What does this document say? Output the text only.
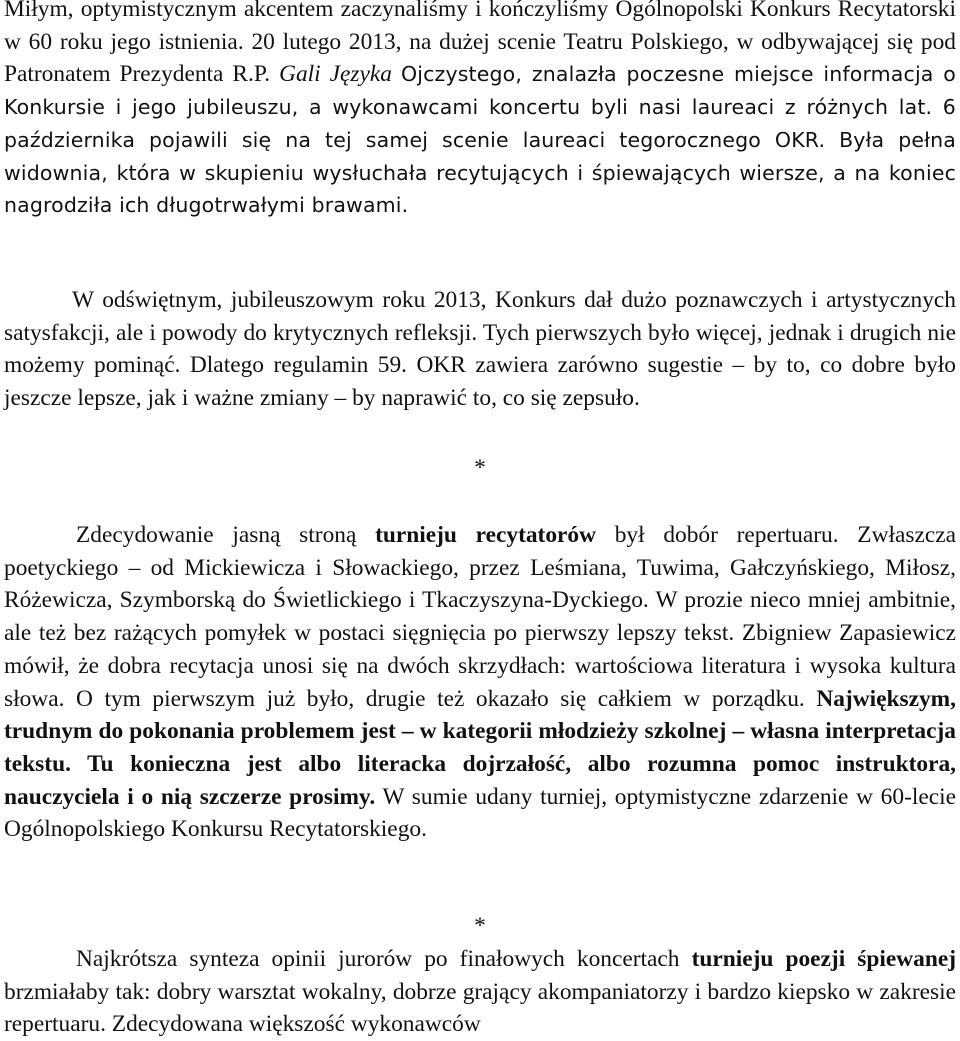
Miłym, optymistycznym akcentem zaczynaliśmy i kończyliśmy Ogólnopolski Konkurs Recytatorski w 60 roku jego istnienia. 20 lutego 2013, na dużej scenie Teatru Polskiego, w odbywającej się pod Patronatem Prezydenta R.P. Gali Języka Ojczystego, znalazła poczesne miejsce informacja o Konkursie i jego jubileuszu, a wykonawcami koncertu byli nasi laureaci z różnych lat. 6 października pojawili się na tej samej scenie laureaci tegorocznego OKR. Była pełna widownia, która w skupieniu wysłuchała recytujących i śpiewających wiersze, a na koniec nagrodziła ich długotrwałymi brawami.

W odświętnym, jubileuszowym roku 2013, Konkurs dał dużo poznawczych i artystycznych satysfakcji, ale i powody do krytycznych refleksji. Tych pierwszych było więcej, jednak i drugich nie możemy pominąć. Dlatego regulamin 59. OKR zawiera zarówno sugestie – by to, co dobre było jeszcze lepsze, jak i ważne zmiany – by naprawić to, co się zepsuło.

*

Zdecydowanie jasną stroną turnieju recytatorów był dobór repertuaru. Zwłaszcza poetyckiego – od Mickiewicza i Słowackiego, przez Leśmiana, Tuwima, Gałczyńskiego, Miłosz, Różewicza, Szymborską do Świetlickiego i Tkaczyszyna-Dyckiego. W prozie nieco mniej ambitnie, ale też bez rażących pomyłek w postaci sięgnięcia po pierwszy lepszy tekst. Zbigniew Zapasiewicz mówił, że dobra recytacja unosi się na dwóch skrzydłach: wartościowa literatura i wysoka kultura słowa. O tym pierwszym już było, drugie też okazało się całkiem w porządku. Największym, trudnym do pokonania problemem jest – w kategorii młodzieży szkolnej – własna interpretacja tekstu. Tu konieczna jest albo literacka dojrzałość, albo rozumna pomoc instruktora, nauczyciela i o nią szczerze prosimy. W sumie udany turniej, optymistyczne zdarzenie w 60-lecie Ogólnopolskiego Konkursu Recytatorskiego.

*

Najkrótsza synteza opinii jurorów po finałowych koncertach turnieju poezji śpiewanej brzmiałaby tak: dobry warsztat wokalny, dobrze grający akompaniatorzy i bardzo kiepsko w zakresie repertuaru. Zdecydowana większość wykonawców
